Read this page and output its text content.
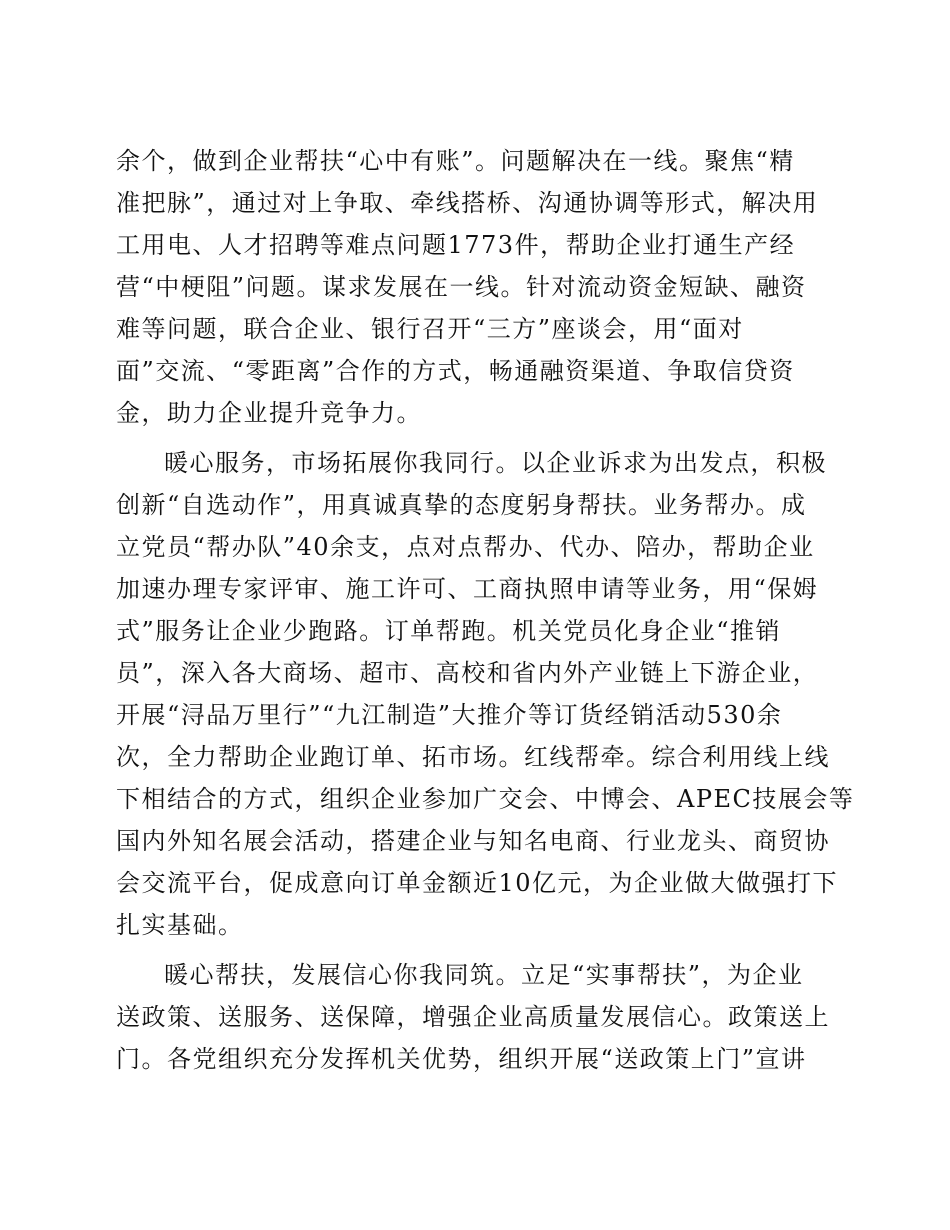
余个，做到企业帮扶“心中有账”。问题解决在一线。聚焦“精
准把脉”，通过对上争取、牵线搭桥、沟通协调等形式，解决用
工用电、人才招聘等难点问题1773件，帮助企业打通生产经
营“中梗阻”问题。谋求发展在一线。针对流动资金短缺、融资
难等问题，联合企业、银行召开“三方”座谈会，用“面对
面”交流、“零距离”合作的方式，畅通融资渠道、争取信贷资
金，助力企业提升竞争力。
暖心服务，市场拓展你我同行。以企业诉求为出发点，积极
创新“自选动作”，用真诚真挚的态度躬身帮扶。业务帮办。成
立党员“帮办队”40余支，点对点帮办、代办、陪办，帮助企业
加速办理专家评审、施工许可、工商执照申请等业务，用“保姆
式”服务让企业少跑路。订单帮跑。机关党员化身企业“推销
员”，深入各大商场、超市、高校和省内外产业链上下游企业，
开展“浔品万里行”“九江制造”大推介等订货经销活动530余
次，全力帮助企业跑订单、拓市场。红线帮牵。综合利用线上线
下相结合的方式，组织企业参加广交会、中博会、APEC技展会等
国内外知名展会活动，搭建企业与知名电商、行业龙头、商贸协
会交流平台，促成意向订单金额近10亿元，为企业做大做强打下
扎实基础。
暖心帮扶，发展信心你我同筑。立足“实事帮扶”，为企业
送政策、送服务、送保障，增强企业高质量发展信心。政策送上
门。各党组织充分发挥机关优势，组织开展“送政策上门”宣讲
